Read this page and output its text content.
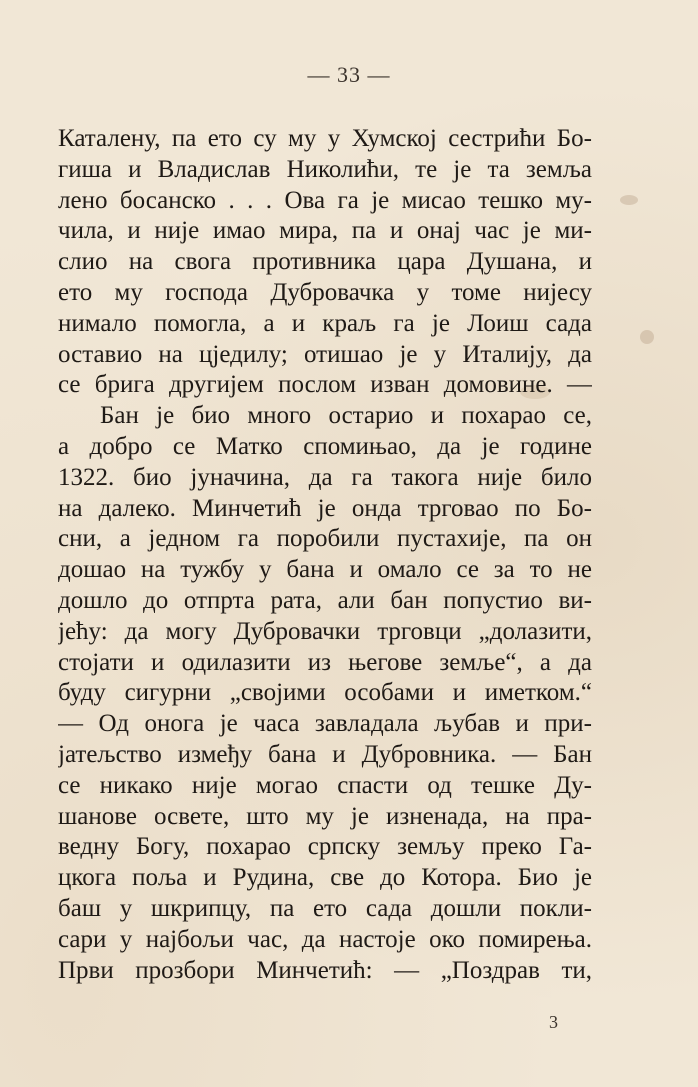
— 33 —
Каталену, па ето су му у Хумској сестрићи Бо-
гиша и Владислав Николићи, те је та земља
лено босанско . . . Ова га је мисао тешко му-
чила, и није имао мира, па и онај час је ми-
слио на свога противника цара Душана, и
ето му господа Дубровачка у томе нијесу
нимало помогла, а и краљ га је Лоиш сада
оставио на цједилу; отишао је у Италију, да
се брига другијем послом изван домовине. —
Бан је био много остарио и похарао се,
а добро се Матко спомињао, да је године
1322. био јуначина, да га такога није било
на далеко. Минчетић је онда трговао по Бо-
сни, а једном га поробили пустахије, па он
дошао на тужбу у бана и омало се за то не
дошло до отпрта рата, али бан попустио ви-
јећу: да могу Дубровачки трговци „долазити,
стојати и одилазити из његове земље“, а да
буду сигурни „својими особами и иметком.“
— Од онога је часа завладала љубав и при-
јатељство између бана и Дубровника. — Бан
се никако није могао спасти од тешке Ду-
шанове освете, што му је изненада, на пра-
ведну Богу, похарао српску земљу преко Га-
цкога поља и Рудина, све до Котора. Био је
баш у шкрипцу, па ето сада дошли покли-
сари у најбољи час, да настоје око помирења.
Први прозбори Минчетић: — „Поздрав ти,
3
